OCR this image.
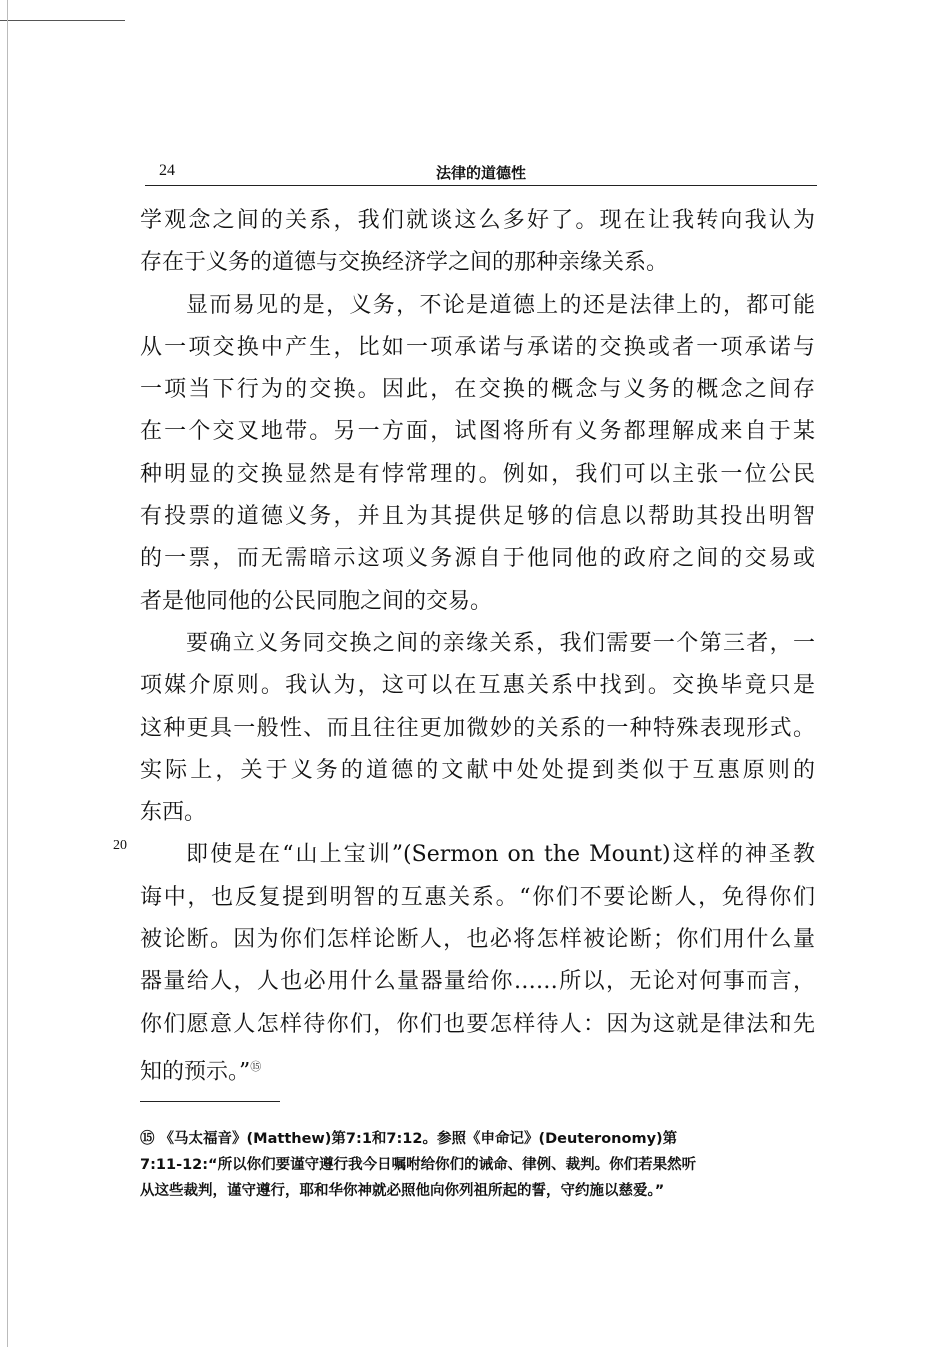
24	法律的道德性

学观念之间的关系，我们就谈这么多好了。现在让我转向我认为

存在于义务的道德与交换经济学之间的那种亲缘关系。

显而易见的是，义务，不论是道德上的还是法律上的，都可能

从一项交换中产生，比如一项承诺与承诺的交换或者一项承诺与

一项当下行为的交换。因此，在交换的概念与义务的概念之间存

在一个交叉地带。另一方面，试图将所有义务都理解成来自于某

种明显的交换显然是有悖常理的。例如，我们可以主张一位公民

有投票的道德义务，并且为其提供足够的信息以帮助其投出明智

的一票，而无需暗示这项义务源自于他同他的政府之间的交易或

者是他同他的公民同胞之间的交易。

要确立义务同交换之间的亲缘关系，我们需要一个第三者，一

项媒介原则。我认为，这可以在互惠关系中找到。交换毕竟只是

这种更具一般性、而且往往更加微妙的关系的一种特殊表现形式。

实际上，关于义务的道德的文献中处处提到类似于互惠原则的

东西。

即使是在“山上宝训”(Sermon on the Mount)这样的神圣教

诲中，也反复提到明智的互惠关系。“你们不要论断人，免得你们

被论断。因为你们怎样论断人，也必将怎样被论断；你们用什么量

器量给人，人也必用什么量器量给你……所以，无论对何事而言，

你们愿意人怎样待你们，你们也要怎样待人：因为这就是律法和先

知的预示。”⑮

20

⑮ 《马太福音》(Matthew)第7:1和7:12。参照《申命记》(Deuteronomy)第

7:11-12:“所以你们要谨守遵行我今日嘱咐给你们的诫命、律例、裁判。你们若果然听

从这些裁判，谨守遵行，耶和华你神就必照他向你列祖所起的誓，守约施以慈爱。”
